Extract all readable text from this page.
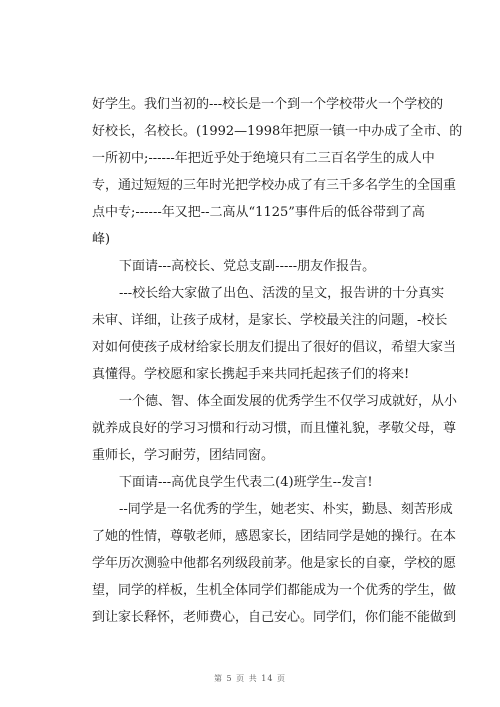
好学生。我们当初的---校长是一个到一个学校带火一个学校的
好校长，名校长。(1992—1998年把原一镇一中办成了全市、的
一所初中;------年把近乎处于绝境只有二三百名学生的成人中
专，通过短短的三年时光把学校办成了有三千多名学生的全国重
点中专;------年又把--二高从“1125”事件后的低谷带到了高
峰)
下面请---高校长、党总支副-----朋友作报告。
---校长给大家做了出色、活泼的呈文，报告讲的十分真实
未审、详细，让孩子成材，是家长、学校最关注的问题，-校长
对如何使孩子成材给家长朋友们提出了很好的倡议，希望大家当
真懂得。学校愿和家长携起手来共同托起孩子们的将来!
一个德、智、体全面发展的优秀学生不仅学习成就好，从小
就养成良好的学习习惯和行动习惯，而且懂礼貌，孝敬父母，尊
重师长，学习耐劳，团结同窗。
下面请---高优良学生代表二(4)班学生--发言!
--同学是一名优秀的学生，她老实、朴实，勤恳、刻苦形成
了她的性情，尊敬老师，感恩家长，团结同学是她的操行。在本
学年历次测验中他都名列级段前茅。他是家长的自豪，学校的愿
望，同学的样板，生机全体同学们都能成为一个优秀的学生，做
到让家长释怀，老师费心，自己安心。同学们，你们能不能做到
第 5 页 共 14 页
